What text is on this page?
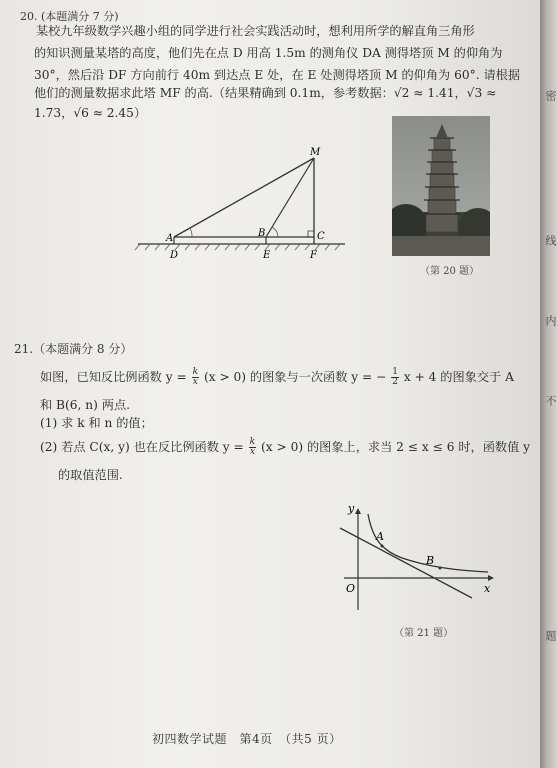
密
线
内
不
题
20. (本题满分 7 分)
某校九年级数学兴趣小组的同学进行社会实践活动时，想利用所学的解直角三角形
的知识测量某塔的高度，他们先在点 D 用高 1.5m 的测角仪 DA 测得塔顶 M 的仰角为
30°，然后沿 DF 方向前行 40m 到达点 E 处，在 E 处测得塔顶 M 的仰角为 60°. 请根据
他们的测量数据求此塔 MF 的高.（结果精确到 0.1m，参考数据：√2 ≈ 1.41，√3 ≈
1.73，√6 ≈ 2.45）
M
A	B	C
D	E	F
（第 20 题）
21.（本题满分 8 分）
如图，已知反比例函数 $y = \frac{k}{x} (x > 0)$ 的图象与一次函数 y = − $\frac{1}{2}$ x + 4 的图象交于 A
和 B(6, n) 两点.
(1) 求 k 和 n 的值；
(2) 若点 C(x, y) 也在反比例函数 $y = \frac{k}{x} (x > 0)$ 的图象上，求当 2 ≤ x ≤ 6 时，函数值 y
的取值范围.
y
x
O
A
B
（第 21 题）
初四数学试题　第4页　（共5 页）
